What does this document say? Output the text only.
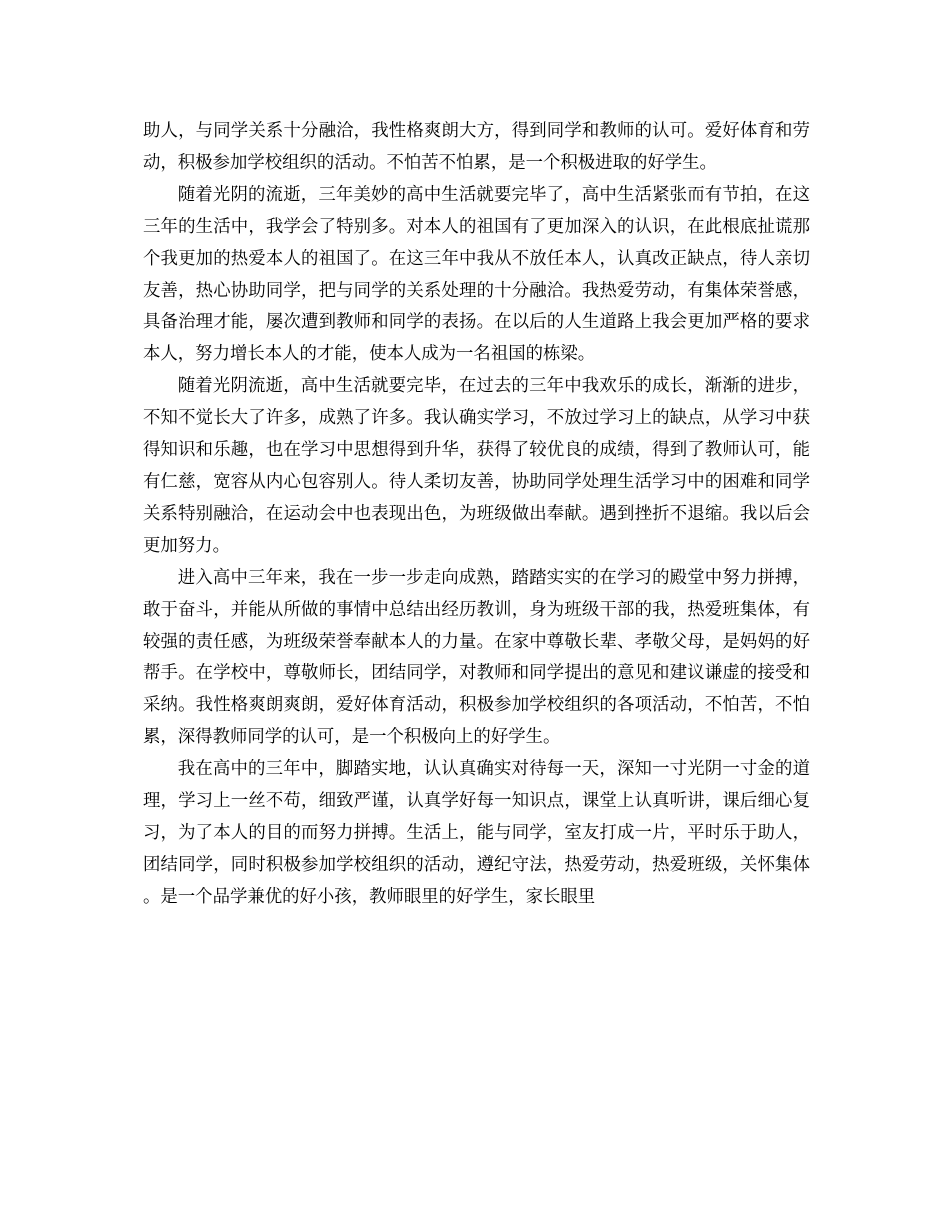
助人，与同学关系十分融洽，我性格爽朗大方，得到同学和教师的认可。爱好体育和劳动，积极参加学校组织的活动。不怕苦不怕累，是一个积极进取的好学生。

随着光阴的流逝，三年美妙的高中生活就要完毕了，高中生活紧张而有节拍，在这三年的生活中，我学会了特别多。对本人的祖国有了更加深入的认识，在此根底扯谎那个我更加的热爱本人的祖国了。在这三年中我从不放任本人，认真改正缺点，待人亲切友善，热心协助同学，把与同学的关系处理的十分融洽。我热爱劳动，有集体荣誉感，具备治理才能，屡次遭到教师和同学的表扬。在以后的人生道路上我会更加严格的要求本人，努力增长本人的才能，使本人成为一名祖国的栋梁。

随着光阴流逝，高中生活就要完毕，在过去的三年中我欢乐的成长，渐渐的进步，不知不觉长大了许多，成熟了许多。我认确实学习，不放过学习上的缺点，从学习中获得知识和乐趣，也在学习中思想得到升华，获得了较优良的成绩，得到了教师认可，能有仁慈，宽容从内心包容别人。待人柔切友善，协助同学处理生活学习中的困难和同学关系特别融洽，在运动会中也表现出色，为班级做出奉献。遇到挫折不退缩。我以后会更加努力。

进入高中三年来，我在一步一步走向成熟，踏踏实实的在学习的殿堂中努力拼搏，敢于奋斗，并能从所做的事情中总结出经历教训，身为班级干部的我，热爱班集体，有较强的责任感，为班级荣誉奉献本人的力量。在家中尊敬长辈、孝敬父母，是妈妈的好帮手。在学校中，尊敬师长，团结同学，对教师和同学提出的意见和建议谦虚的接受和采纳。我性格爽朗爽朗，爱好体育活动，积极参加学校组织的各项活动，不怕苦，不怕累，深得教师同学的认可，是一个积极向上的好学生。

我在高中的三年中，脚踏实地，认认真确实对待每一天，深知一寸光阴一寸金的道理，学习上一丝不苟，细致严谨，认真学好每一知识点，课堂上认真听讲，课后细心复习，为了本人的目的而努力拼搏。生活上，能与同学，室友打成一片，平时乐于助人，团结同学，同时积极参加学校组织的活动，遵纪守法，热爱劳动，热爱班级，关怀集体。是一个品学兼优的好小孩，教师眼里的好学生，家长眼里
